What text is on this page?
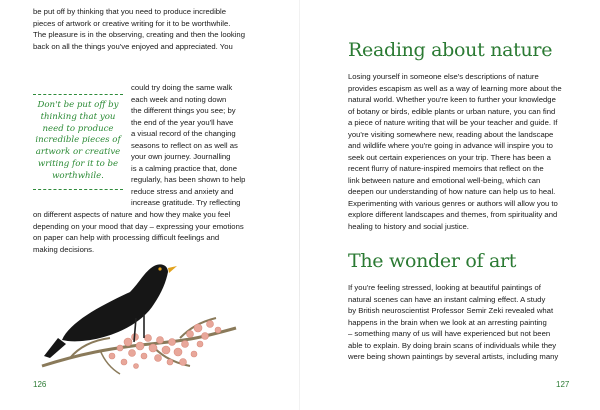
be put off by thinking that you need to produce incredible
pieces of artwork or creative writing for it to be worthwhile.
The pleasure is in the observing, creating and then the looking
back on all the things you've enjoyed and appreciated. You

Don't be put off by
thinking that you
need to produce
incredible pieces of
artwork or creative
writing for it to be
worthwhile.

could try doing the same walk
each week and noting down
the different things you see; by
the end of the year you'll have
a visual record of the changing
seasons to reflect on as well as
your own journey. Journalling
is a calming practice that, done
regularly, has been shown to help
reduce stress and anxiety and
increase gratitude. Try reflecting

on different aspects of nature and how they make you feel
depending on your mood that day – expressing your emotions
on paper can help with processing difficult feelings and
making decisions.

126
Reading about nature

Losing yourself in someone else's descriptions of nature
provides escapism as well as a way of learning more about the
natural world. Whether you're keen to further your knowledge
of botany or birds, edible plants or urban nature, you can find
a piece of nature writing that will be your teacher and guide. If
you're visiting somewhere new, reading about the landscape
and wildlife where you're going in advance will inspire you to
seek out certain experiences on your trip. There has been a
recent flurry of nature-inspired memoirs that reflect on the
link between nature and emotional well-being, which can
deepen our understanding of how nature can help us to heal.
Experimenting with various genres or authors will allow you to
explore different landscapes and themes, from spirituality and
healing to history and social justice.

The wonder of art

If you're feeling stressed, looking at beautiful paintings of
natural scenes can have an instant calming effect. A study
by British neuroscientist Professor Semir Zeki revealed what
happens in the brain when we look at an arresting painting
– something many of us will have experienced but not been
able to explain. By doing brain scans of individuals while they
were being shown paintings by several artists, including many

127
